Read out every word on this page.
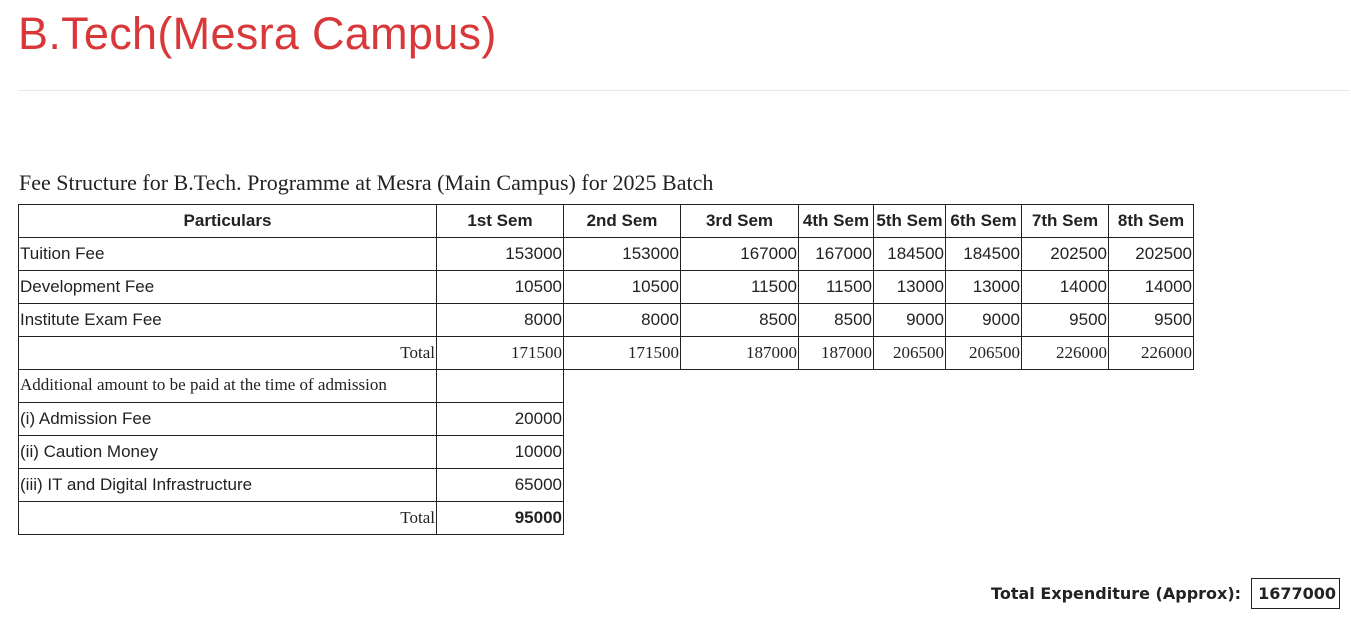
B.Tech(Mesra Campus)
Fee Structure for B.Tech. Programme at Mesra (Main Campus) for 2025 Batch
Particulars	1st Sem	2nd Sem	3rd Sem	4th Sem	5th Sem	6th Sem	7th Sem	8th Sem
Tuition Fee	153000	153000	167000	167000	184500	184500	202500	202500
Development Fee	10500	10500	11500	11500	13000	13000	14000	14000
Institute Exam Fee	8000	8000	8500	8500	9000	9000	9500	9500
Total	171500	171500	187000	187000	206500	206500	226000	226000
Additional amount to be paid at the time of admission								
(i) Admission Fee	20000							
(ii) Caution Money	10000							
(iii) IT and Digital Infrastructure	65000							
Total	95000							
Total Expenditure (Approx):	1677000
